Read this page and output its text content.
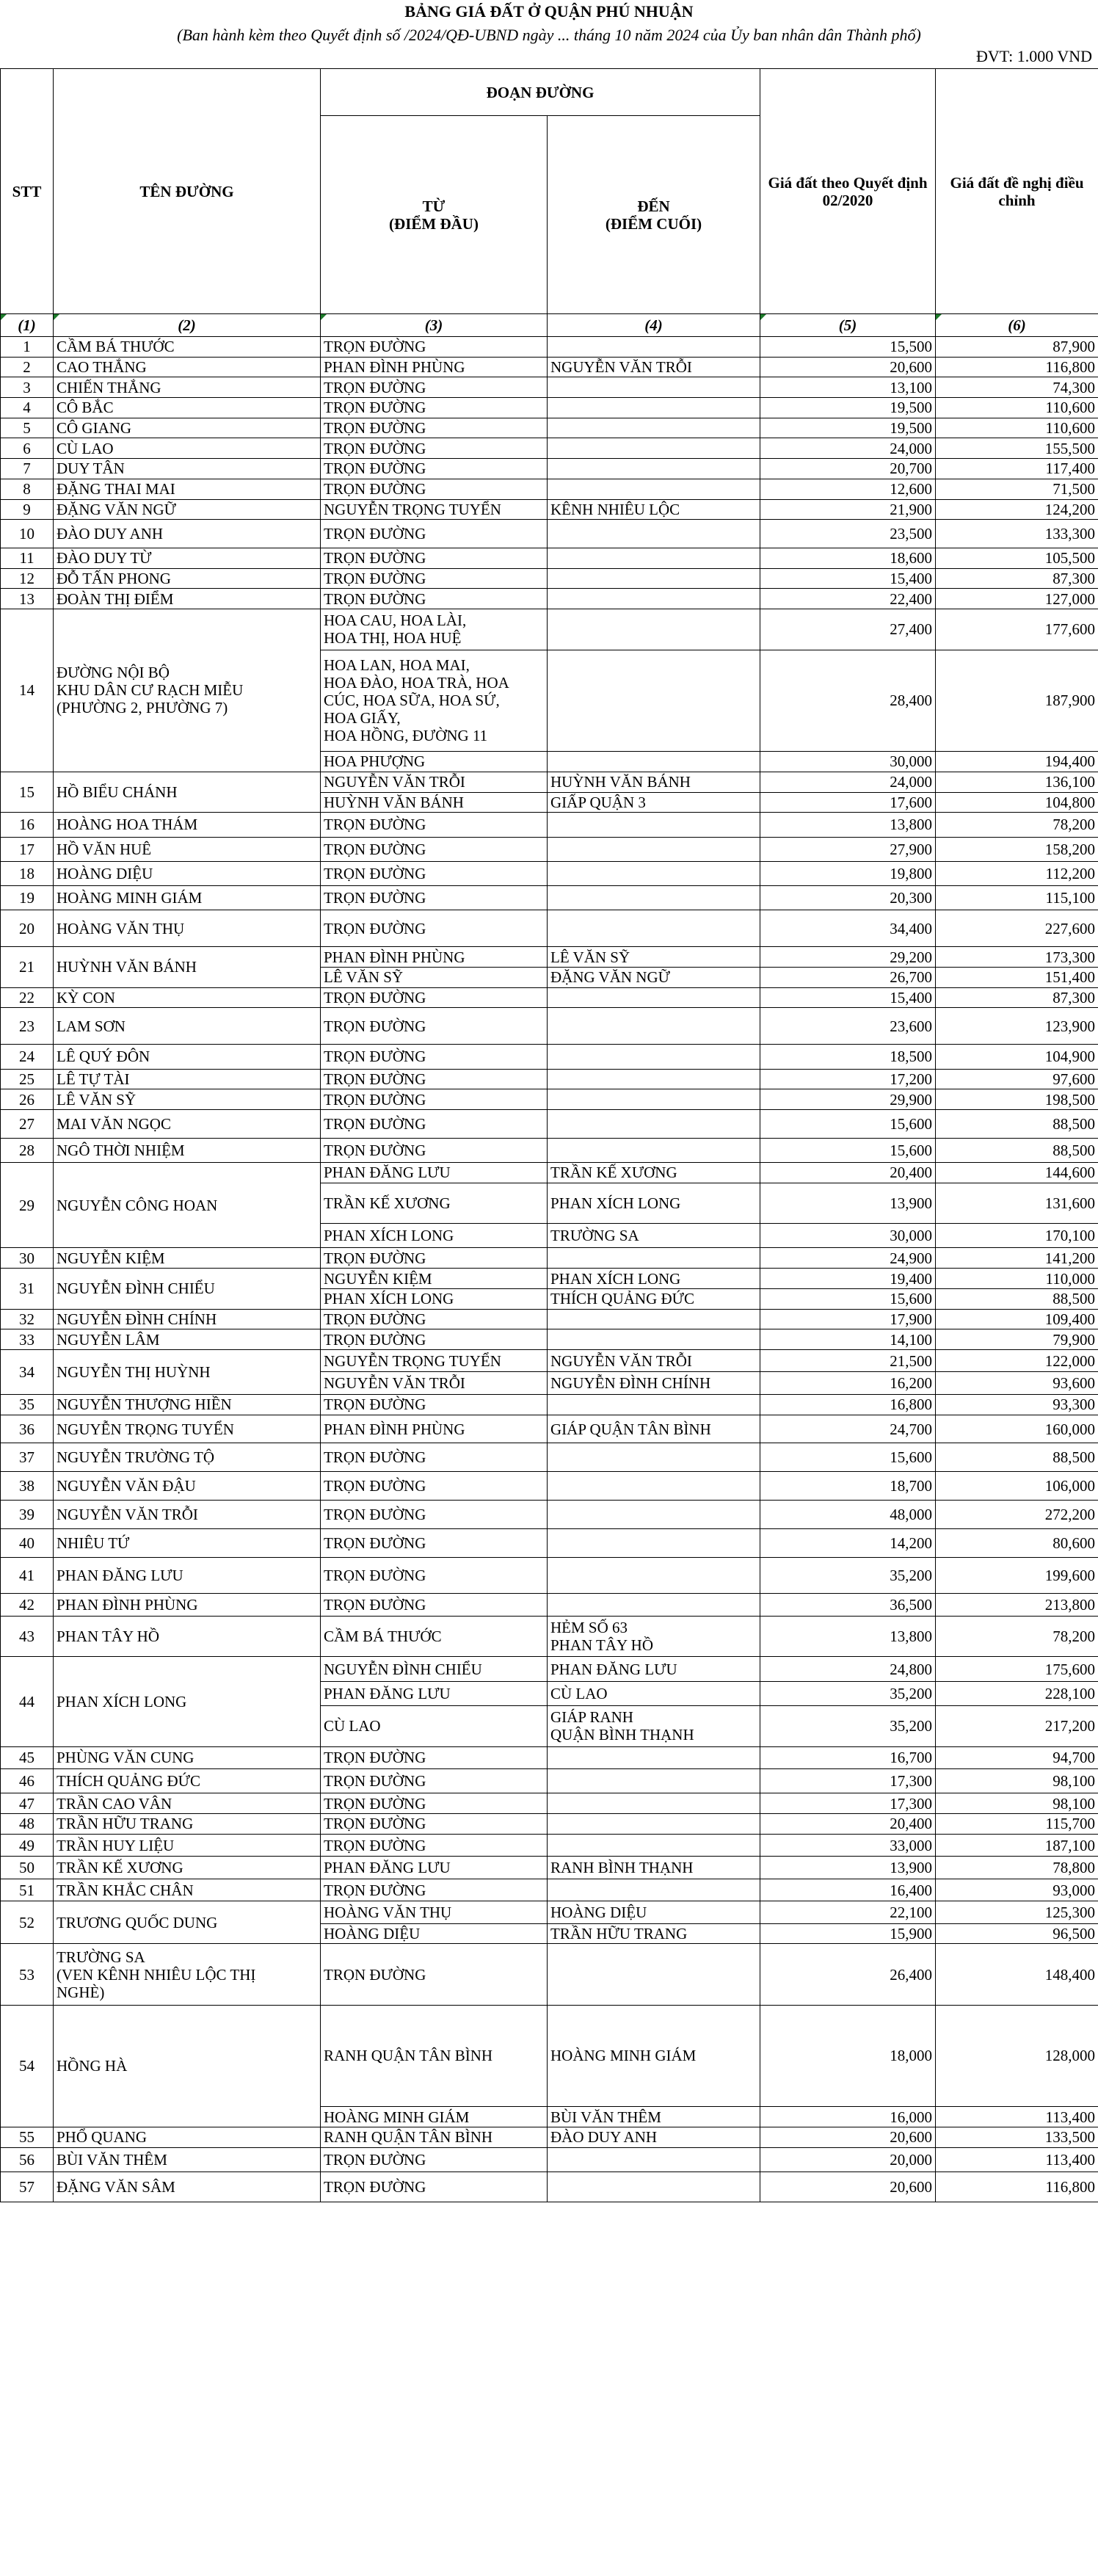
BẢNG GIÁ ĐẤT Ở QUẬN PHÚ NHUẬN
(Ban hành kèm theo Quyết định số /2024/QĐ-UBND ngày ... tháng 10 năm 2024 của Ủy ban nhân dân Thành phố)
ĐVT: 1.000 VND
STT	TÊN ĐƯỜNG	ĐOẠN ĐƯỜNG		Giá đất theo Quyết định 02/2020	Giá đất đề nghị điều chỉnh
		TỪ
(ĐIỂM ĐẦU)	ĐẾN
(ĐIỂM CUỐI)		

(1)	(2)	(3)	(4)	(5)	(6)
1	CẦM BÁ THƯỚC	TRỌN ĐƯỜNG		15,500	87,900
2	CAO THẮNG	PHAN ĐÌNH PHÙNG	NGUYỄN VĂN TRỖI	20,600	116,800
3	CHIẾN THẮNG	TRỌN ĐƯỜNG		13,100	74,300
4	CÔ BẮC	TRỌN ĐƯỜNG		19,500	110,600
5	CÔ GIANG	TRỌN ĐƯỜNG		19,500	110,600
6	CÙ LAO	TRỌN ĐƯỜNG		24,000	155,500
7	DUY TÂN	TRỌN ĐƯỜNG		20,700	117,400
8	ĐẶNG THAI MAI	TRỌN ĐƯỜNG		12,600	71,500
9	ĐẶNG VĂN NGỮ	NGUYỄN TRỌNG TUYỂN	KÊNH NHIÊU LỘC	21,900	124,200
10	ĐÀO DUY ANH	TRỌN ĐƯỜNG		23,500	133,300
11	ĐÀO DUY TỪ	TRỌN ĐƯỜNG		18,600	105,500
12	ĐỖ TẤN PHONG	TRỌN ĐƯỜNG		15,400	87,300
13	ĐOÀN THỊ ĐIỂM	TRỌN ĐƯỜNG		22,400	127,000
14	ĐƯỜNG NỘI BỘ
KHU DÂN CƯ RẠCH MIỄU
(PHƯỜNG 2, PHƯỜNG 7)	HOA CAU, HOA LÀI,
HOA THỊ, HOA HUỆ		27,400	177,600
		HOA LAN, HOA MAI,
HOA ĐÀO, HOA TRÀ, HOA
CÚC, HOA SỮA, HOA SỨ,
HOA GIẤY,
HOA HỒNG, ĐƯỜNG 11		28,400	187,900
		HOA PHƯỢNG		30,000	194,400
15	HỒ BIỂU CHÁNH	NGUYỄN VĂN TRỖI	HUỲNH VĂN BÁNH	24,000	136,100
		HUỲNH VĂN BÁNH	GIẤP QUẬN 3	17,600	104,800
16	HOÀNG HOA THÁM	TRỌN ĐƯỜNG		13,800	78,200
17	HỒ VĂN HUÊ	TRỌN ĐƯỜNG		27,900	158,200
18	HOÀNG DIỆU	TRỌN ĐƯỜNG		19,800	112,200
19	HOÀNG MINH GIÁM	TRỌN ĐƯỜNG		20,300	115,100
20	HOÀNG VĂN THỤ	TRỌN ĐƯỜNG		34,400	227,600
21	HUỲNH VĂN BÁNH	PHAN ĐÌNH PHÙNG	LÊ VĂN SỸ	29,200	173,300
		LÊ VĂN SỸ	ĐẶNG VĂN NGỮ	26,700	151,400
22	KỲ CON	TRỌN ĐƯỜNG		15,400	87,300
23	LAM SƠN	TRỌN ĐƯỜNG		23,600	123,900
24	LÊ QUÝ ĐÔN	TRỌN ĐƯỜNG		18,500	104,900
25	LÊ TỰ TÀI	TRỌN ĐƯỜNG		17,200	97,600
26	LÊ VĂN SỸ	TRỌN ĐƯỜNG		29,900	198,500
27	MAI VĂN NGỌC	TRỌN ĐƯỜNG		15,600	88,500
28	NGÔ THỜI NHIỆM	TRỌN ĐƯỜNG		15,600	88,500
29	NGUYỄN CÔNG HOAN	PHAN ĐĂNG LƯU	TRẦN KẾ XƯƠNG	20,400	144,600
		TRẦN KẾ XƯƠNG	PHAN XÍCH LONG	13,900	131,600
		PHAN XÍCH LONG	TRƯỜNG SA	30,000	170,100
30	NGUYỄN KIỆM	TRỌN ĐƯỜNG		24,900	141,200
31	NGUYỄN ĐÌNH CHIỂU	NGUYỄN KIỆM	PHAN XÍCH LONG	19,400	110,000
		PHAN XÍCH LONG	THÍCH QUẢNG ĐỨC	15,600	88,500
32	NGUYỄN ĐÌNH CHÍNH	TRỌN ĐƯỜNG		17,900	109,400
33	NGUYỄN LÂM	TRỌN ĐƯỜNG		14,100	79,900
34	NGUYỄN THỊ HUỲNH	NGUYỄN TRỌNG TUYỂN	NGUYỄN VĂN TRỖI	21,500	122,000
		NGUYỄN VĂN TRỖI	NGUYỄN ĐÌNH CHÍNH	16,200	93,600
35	NGUYỄN THƯỢNG HIỀN	TRỌN ĐƯỜNG		16,800	93,300
36	NGUYỄN TRỌNG TUYỂN	PHAN ĐÌNH PHÙNG	GIÁP QUẬN TÂN BÌNH	24,700	160,000
37	NGUYỄN TRƯỜNG TỘ	TRỌN ĐƯỜNG		15,600	88,500
38	NGUYỄN VĂN ĐẬU	TRỌN ĐƯỜNG		18,700	106,000
39	NGUYỄN VĂN TRỖI	TRỌN ĐƯỜNG		48,000	272,200
40	NHIÊU TỨ	TRỌN ĐƯỜNG		14,200	80,600
41	PHAN ĐĂNG LƯU	TRỌN ĐƯỜNG		35,200	199,600
42	PHAN ĐÌNH PHÙNG	TRỌN ĐƯỜNG		36,500	213,800
43	PHAN TÂY HỒ	CẦM BÁ THƯỚC	HẺM SỐ 63
PHAN TÂY HỒ	13,800	78,200
44	PHAN XÍCH LONG	NGUYỄN ĐÌNH CHIỂU	PHAN ĐĂNG LƯU	24,800	175,600
		PHAN ĐĂNG LƯU	CÙ LAO	35,200	228,100
		CÙ LAO	GIÁP RANH
QUẬN BÌNH THẠNH	35,200	217,200
45	PHÙNG VĂN CUNG	TRỌN ĐƯỜNG		16,700	94,700
46	THÍCH QUẢNG ĐỨC	TRỌN ĐƯỜNG		17,300	98,100
47	TRẦN CAO VÂN	TRỌN ĐƯỜNG		17,300	98,100
48	TRẦN HỮU TRANG	TRỌN ĐƯỜNG		20,400	115,700
49	TRẦN HUY LIỆU	TRỌN ĐƯỜNG		33,000	187,100
50	TRẦN KẾ XƯƠNG	PHAN ĐĂNG LƯU	RANH BÌNH THẠNH	13,900	78,800
51	TRẦN KHẮC CHÂN	TRỌN ĐƯỜNG		16,400	93,000
52	TRƯƠNG QUỐC DUNG	HOÀNG VĂN THỤ	HOÀNG DIỆU	22,100	125,300
		HOÀNG DIỆU	TRẦN HỮU TRANG	15,900	96,500
53	TRƯỜNG SA
(VEN KÊNH NHIÊU LỘC THỊ
NGHÈ)	TRỌN ĐƯỜNG		26,400	148,400
54	HỒNG HÀ	RANH QUẬN TÂN BÌNH	HOÀNG MINH GIÁM	18,000	128,000
		HOÀNG MINH GIÁM	BÙI VĂN THÊM	16,000	113,400
55	PHỔ QUANG	RANH QUẬN TÂN BÌNH	ĐÀO DUY ANH	20,600	133,500
56	BÙI VĂN THÊM	TRỌN ĐƯỜNG		20,000	113,400
57	ĐẶNG VĂN SÂM	TRỌN ĐƯỜNG		20,600	116,800
